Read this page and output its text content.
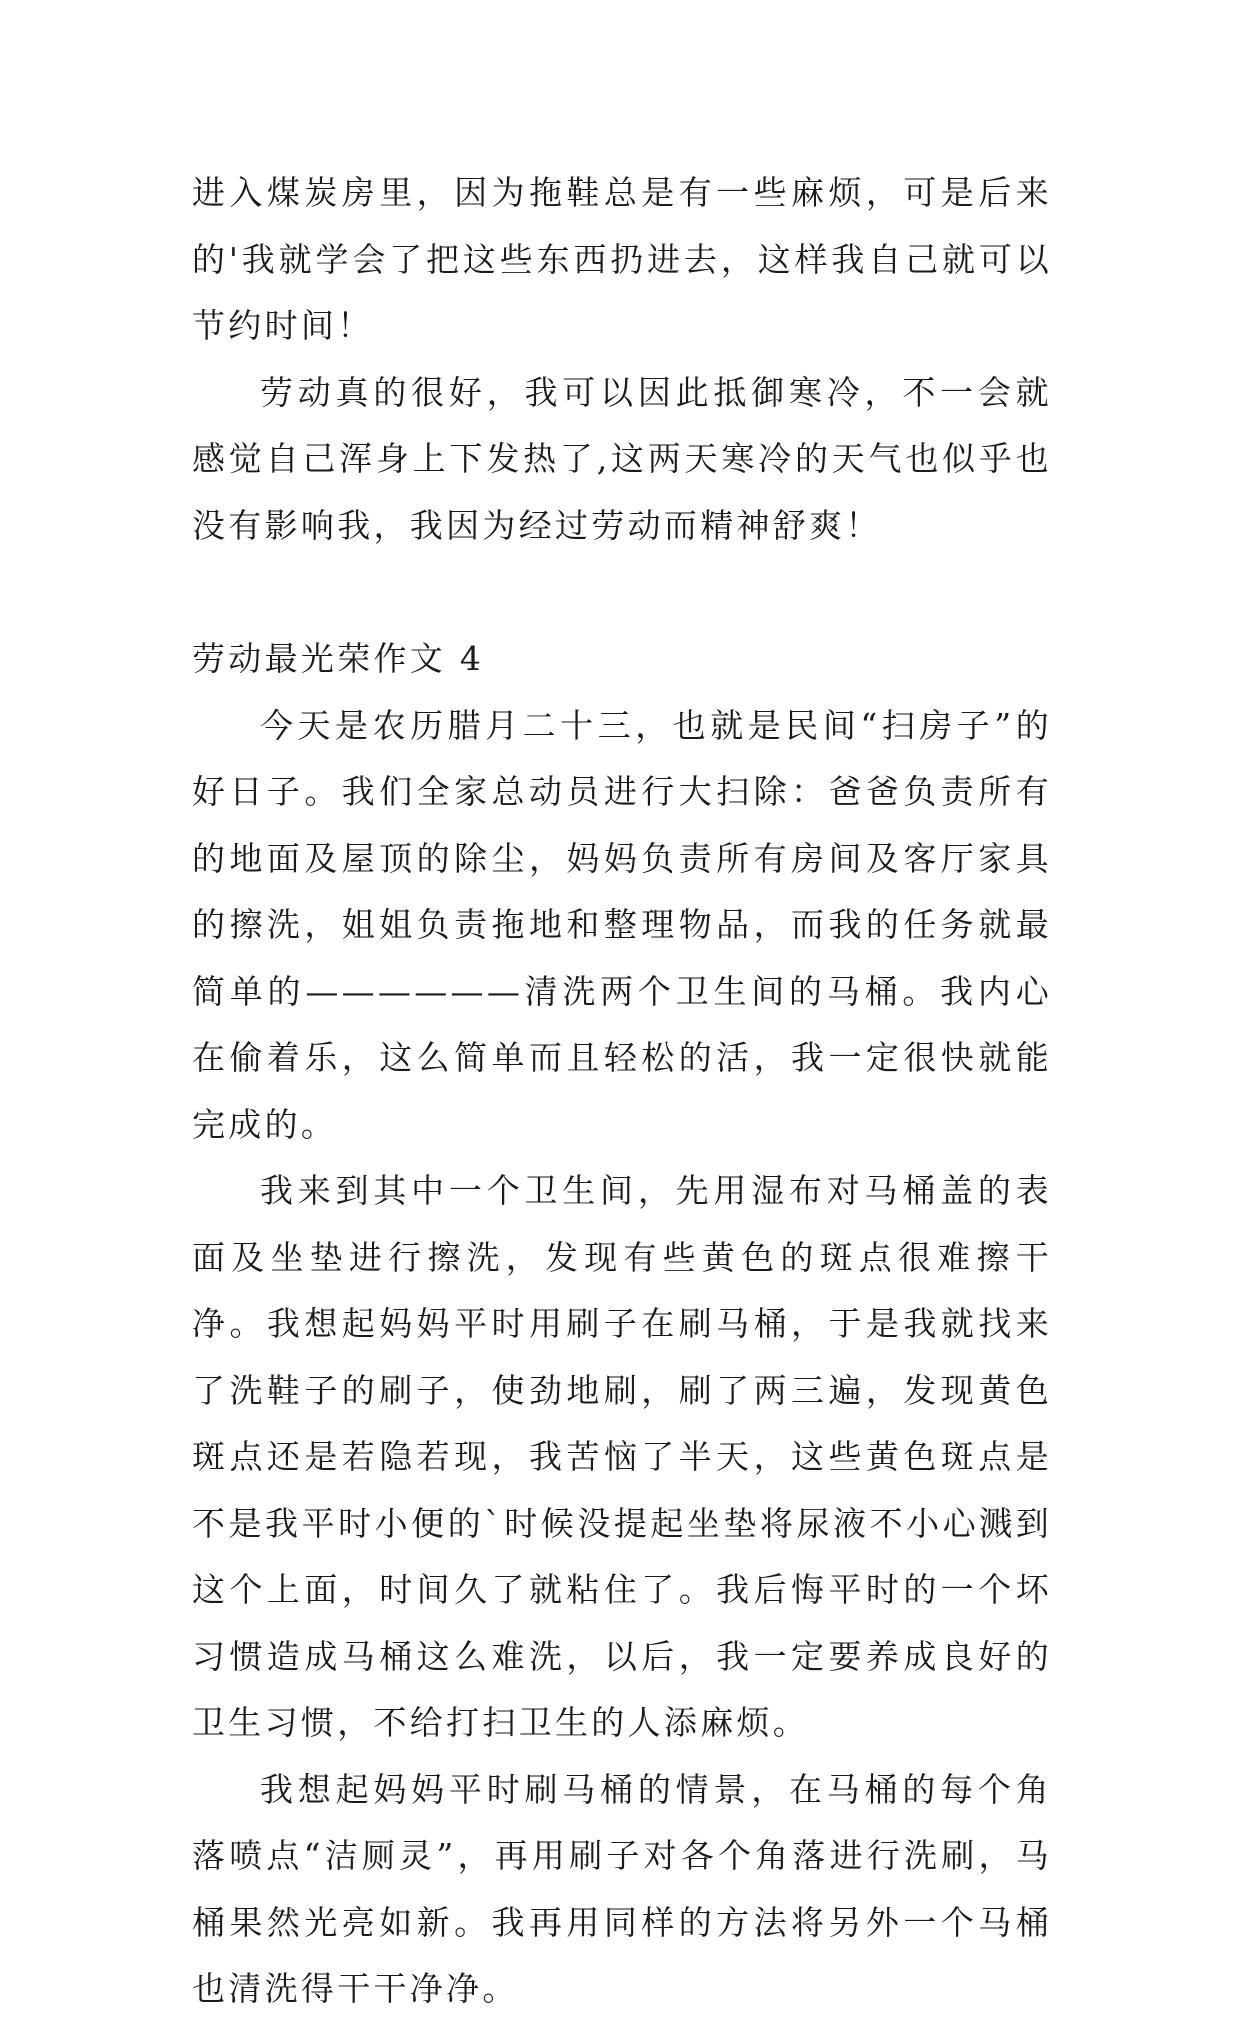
进入煤炭房里，因为拖鞋总是有一些麻烦，可是后来的'我就学会了把这些东西扔进去，这样我自己就可以节约时间！

劳动真的很好，我可以因此抵御寒冷，不一会就感觉自己浑身上下发热了,这两天寒冷的天气也似乎也没有影响我，我因为经过劳动而精神舒爽！

劳动最光荣作文 4

今天是农历腊月二十三，也就是民间“扫房子”的好日子。我们全家总动员进行大扫除：爸爸负责所有的地面及屋顶的除尘，妈妈负责所有房间及客厅家具的擦洗，姐姐负责拖地和整理物品，而我的任务就最简单的——————清洗两个卫生间的马桶。我内心在偷着乐，这么简单而且轻松的活，我一定很快就能完成的。

我来到其中一个卫生间，先用湿布对马桶盖的表面及坐垫进行擦洗，发现有些黄色的斑点很难擦干净。我想起妈妈平时用刷子在刷马桶，于是我就找来了洗鞋子的刷子，使劲地刷，刷了两三遍，发现黄色斑点还是若隐若现，我苦恼了半天，这些黄色斑点是不是我平时小便的`时候没提起坐垫将尿液不小心溅到这个上面，时间久了就粘住了。我后悔平时的一个坏习惯造成马桶这么难洗，以后，我一定要养成良好的卫生习惯，不给打扫卫生的人添麻烦。

我想起妈妈平时刷马桶的情景，在马桶的每个角落喷点“洁厕灵”，再用刷子对各个角落进行洗刷，马桶果然光亮如新。我再用同样的方法将另外一个马桶也清洗得干干净净。
